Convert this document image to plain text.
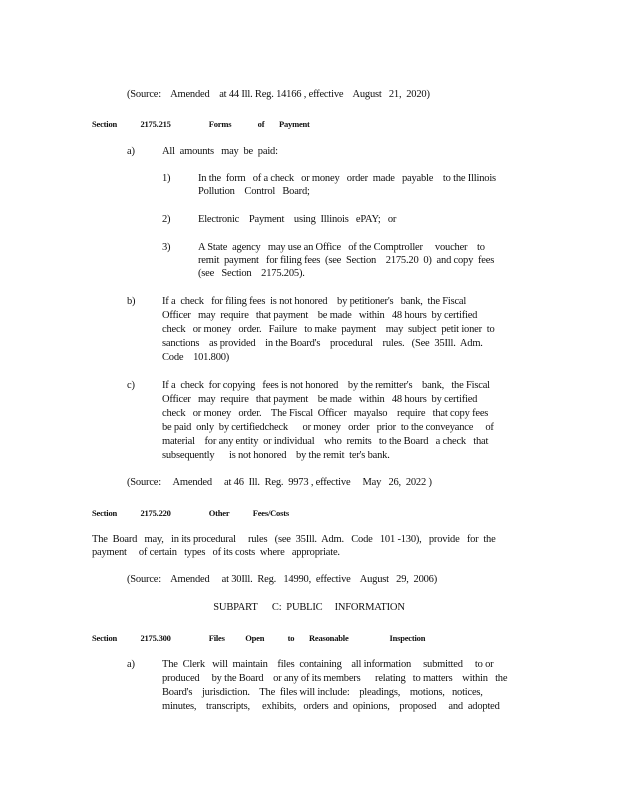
(Source:    Amended    at 44 Ill. Reg. 14166 , effective    August   21,  2020)
Section        2175.215             Forms         of     Payment
a)	All  amounts   may  be  paid:
1)	In the  form   of a check   or money   order  made   payable    to the Illinois
Pollution    Control   Board;
2)	Electronic    Payment    using  Illinois   ePAY;   or
3)	A State  agency   may use an Office   of the Comptroller     voucher    to
remit  payment   for filing fees  (see  Section    2175.20  0)  and copy  fees
(see   Section    2175.205).
b)	If a  check   for filing fees  is not honored    by petitioner's   bank,  the Fiscal
Officer   may  require   that payment    be made   within   48 hours  by certified
check   or money   order.   Failure   to make  payment    may  subject  petit ioner  to
sanctions    as provided    in the Board's    procedural    rules.   (See  35Ill.  Adm.
Code    101.800)
c)	If a  check  for copying   fees is not honored    by the remitter's    bank,   the Fiscal
Officer   may  require   that payment    be made   within   48 hours  by certified
check   or money   order.    The Fiscal  Officer   mayalso    require   that copy fees
be paid  only  by certifiedcheck      or money   order   prior  to the conveyance     of
material    for any entity  or individual    who  remits   to the Board   a check   that
subsequently      is not honored    by the remit  ter's bank.
(Source:     Amended     at 46  Ill.  Reg.  9973 , effective     May   26,  2022 )
Section        2175.220             Other        Fees/Costs
The  Board   may,   in its procedural     rules   (see  35Ill.  Adm.   Code   101 -130),   provide   for  the
payment     of certain   types   of its costs  where   appropriate.
(Source:    Amended     at 30Ill.  Reg.   14990,  effective    August   29,  2006)
SUBPART      C:  PUBLIC     INFORMATION
Section        2175.300             Files       Open        to     Reasonable              Inspection
a)	The  Clerk   will  maintain    files  containing    all information     submitted     to or
produced     by the Board    or any of its members      relating   to matters    within   the
Board's    jurisdiction.    The  files will include:    pleadings,    motions,   notices,
minutes,    transcripts,     exhibits,   orders  and  opinions,    proposed     and  adopted
